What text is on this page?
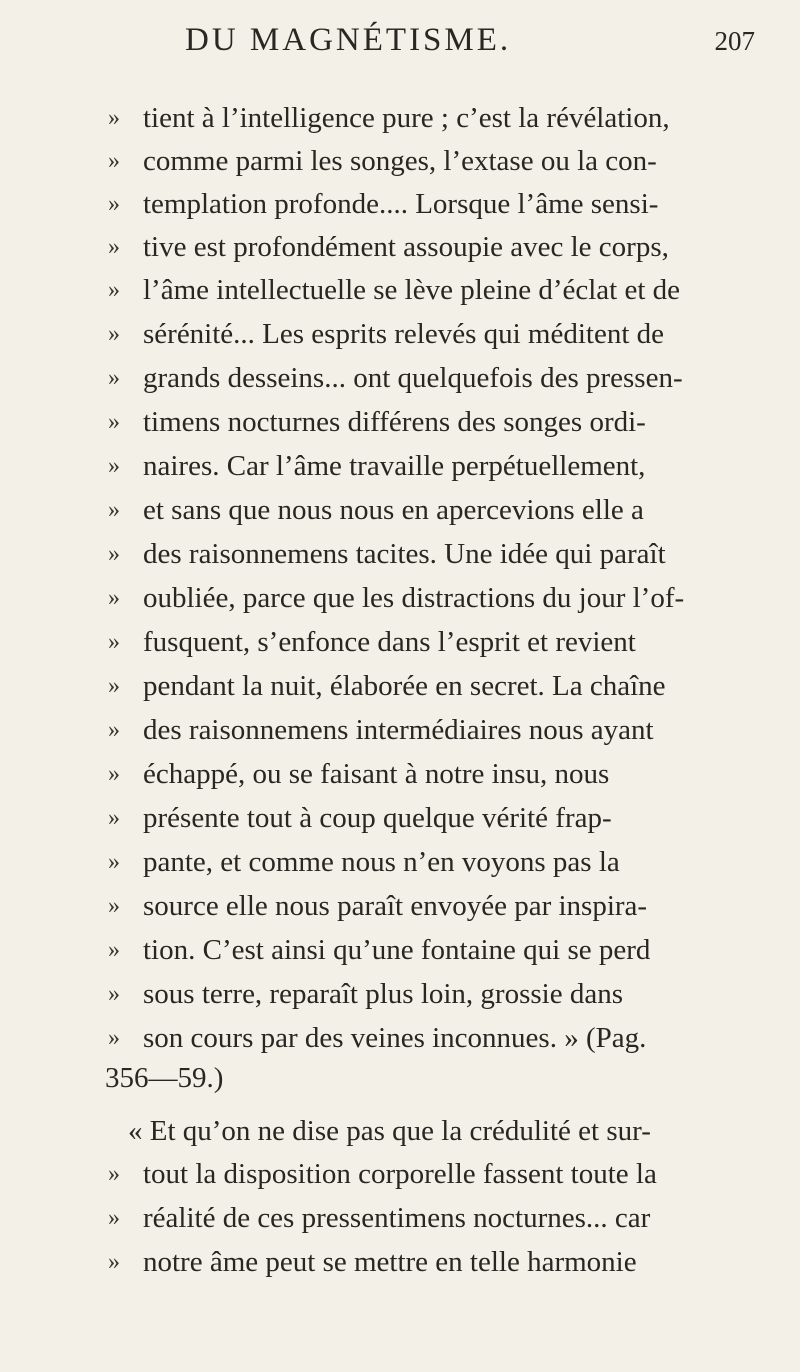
DU MAGNÉTISME.	207
» tient à l’intelligence pure ; c’est la révélation,
» comme parmi les songes, l’extase ou la con-
» templation profonde.... Lorsque l’âme sensi-
» tive est profondément assoupie avec le corps,
» l’âme intellectuelle se lève pleine d’éclat et de
» sérénité... Les esprits relevés qui méditent de
» grands desseins... ont quelquefois des pressen-
» timens nocturnes différens des songes ordi-
» naires. Car l’âme travaille perpétuellement,
» et sans que nous nous en apercevions elle a
» des raisonnemens tacites. Une idée qui paraît
» oubliée, parce que les distractions du jour l’of-
» fusquent, s’enfonce dans l’esprit et revient
» pendant la nuit, élaborée en secret. La chaîne
» des raisonnemens intermédiaires nous ayant
» échappé, ou se faisant à notre insu, nous
» présente tout à coup quelque vérité frap-
» pante, et comme nous n’en voyons pas la
» source elle nous paraît envoyée par inspira-
» tion. C’est ainsi qu’une fontaine qui se perd
» sous terre, reparaît plus loin, grossie dans
» son cours par des veines inconnues. » (Pag.
356—59.)
« Et qu’on ne dise pas que la crédulité et sur-
» tout la disposition corporelle fassent toute la
» réalité de ces pressentimens nocturnes... car
» notre âme peut se mettre en telle harmonie
